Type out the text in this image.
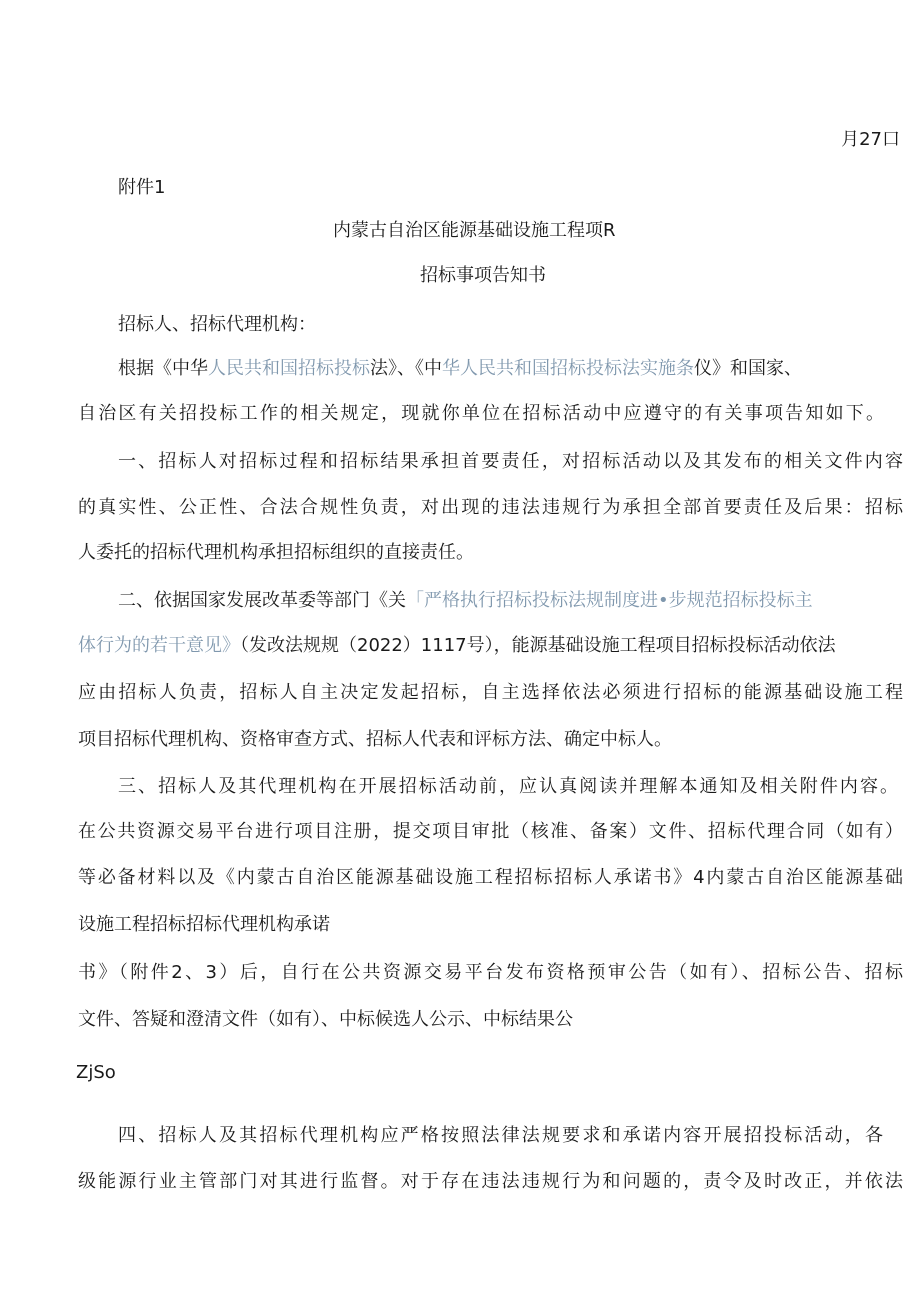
月27口
附件1
内蒙古自治区能源基础设施工程项R
招标事项告知书
招标人、招标代理机构：
根据《中华人民共和国招标投标法》、《中华人民共和国招标投标法实施条仪》和国家、
自治区有关招投标工作的相关规定，现就你单位在招标活动中应遵守的有关事项告知如下。
一、招标人对招标过程和招标结果承担首要责任，对招标活动以及其发布的相关文件内容
的真实性、公正性、合法合规性负责，对出现的违法违规行为承担全部首要责任及后果：招标
人委托的招标代理机构承担招标组织的直接责任。
二、依据国家发展改革委等部门《关「严格执行招标投标法规制度进•步规范招标投标主
体行为的若干意见》（发改法规规（2022）1117号），能源基础设施工程项目招标投标活动依法
应由招标人负责，招标人自主决定发起招标，自主选择依法必须进行招标的能源基础设施工程
项目招标代理机构、资格审查方式、招标人代表和评标方法、确定中标人。
三、招标人及其代理机构在开展招标活动前，应认真阅读并理解本通知及相关附件内容。
在公共资源交易平台进行项目注册，提交项目审批（核准、备案）文件、招标代理合同（如有）
等必备材料以及《内蒙古自治区能源基础设施工程招标招标人承诺书》4内蒙古自治区能源基础
设施工程招标招标代理机构承诺
书》（附件2、3）后，自行在公共资源交易平台发布资格预审公告（如有）、招标公告、招标
文件、答疑和澄清文件（如有）、中标候选人公示、中标结果公
ZjSo
四、招标人及其招标代理机构应严格按照法律法规要求和承诺内容开展招投标活动，各
级能源行业主管部门对其进行监督。对于存在违法违规行为和问题的，责令及时改正，并依法
